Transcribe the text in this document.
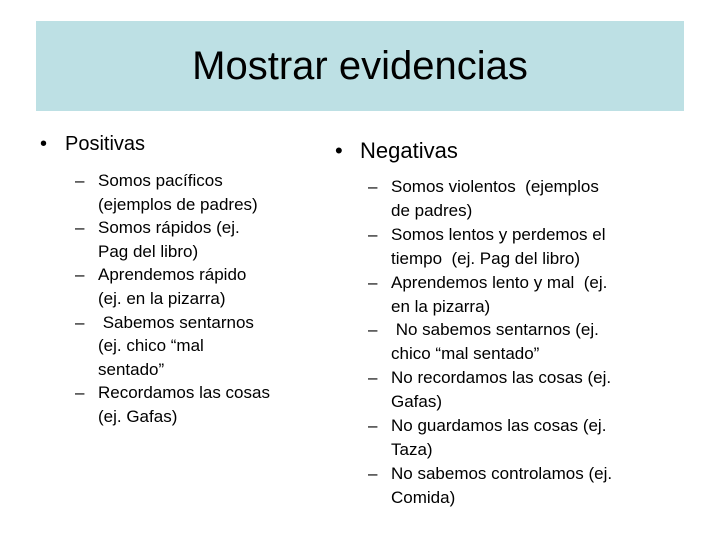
Mostrar evidencias
• Positivas
– Somos pacíficos
(ejemplos de padres)
– Somos rápidos (ej.
Pag del libro)
– Aprendemos rápido
(ej. en la pizarra)
– Sabemos sentarnos
(ej. chico “mal
sentado”
– Recordamos las cosas
(ej. Gafas)
• Negativas
– Somos violentos  (ejemplos
de padres)
– Somos lentos y perdemos el
tiempo  (ej. Pag del libro)
– Aprendemos lento y mal  (ej.
en la pizarra)
– No sabemos sentarnos (ej.
chico “mal sentado”
– No recordamos las cosas (ej.
Gafas)
– No guardamos las cosas (ej.
Taza)
– No sabemos controlamos (ej.
Comida)
